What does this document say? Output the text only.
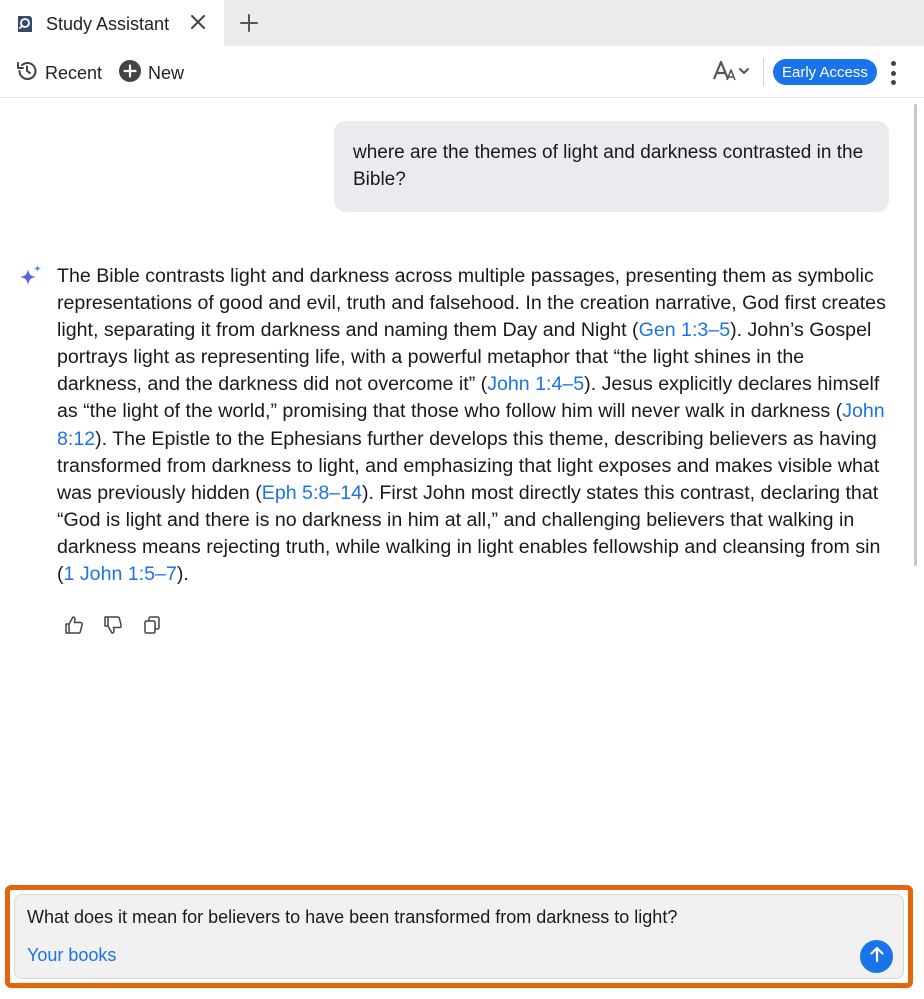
Study Assistant
Recent	New	Early Access
where are the themes of light and darkness contrasted in the Bible?
The Bible contrasts light and darkness across multiple passages, presenting them as symbolic representations of good and evil, truth and falsehood. In the creation narrative, God first creates light, separating it from darkness and naming them Day and Night (Gen 1:3–5). John’s Gospel portrays light as representing life, with a powerful metaphor that “the light shines in the darkness, and the darkness did not overcome it” (John 1:4–5). Jesus explicitly declares himself as “the light of the world,” promising that those who follow him will never walk in darkness (John 8:12). The Epistle to the Ephesians further develops this theme, describing believers as having transformed from darkness to light, and emphasizing that light exposes and makes visible what was previously hidden (Eph 5:8–14). First John most directly states this contrast, declaring that “God is light and there is no darkness in him at all,” and challenging believers that walking in darkness means rejecting truth, while walking in light enables fellowship and cleansing from sin (1 John 1:5–7).
What does it mean for believers to have been transformed from darkness to light?
Your books
